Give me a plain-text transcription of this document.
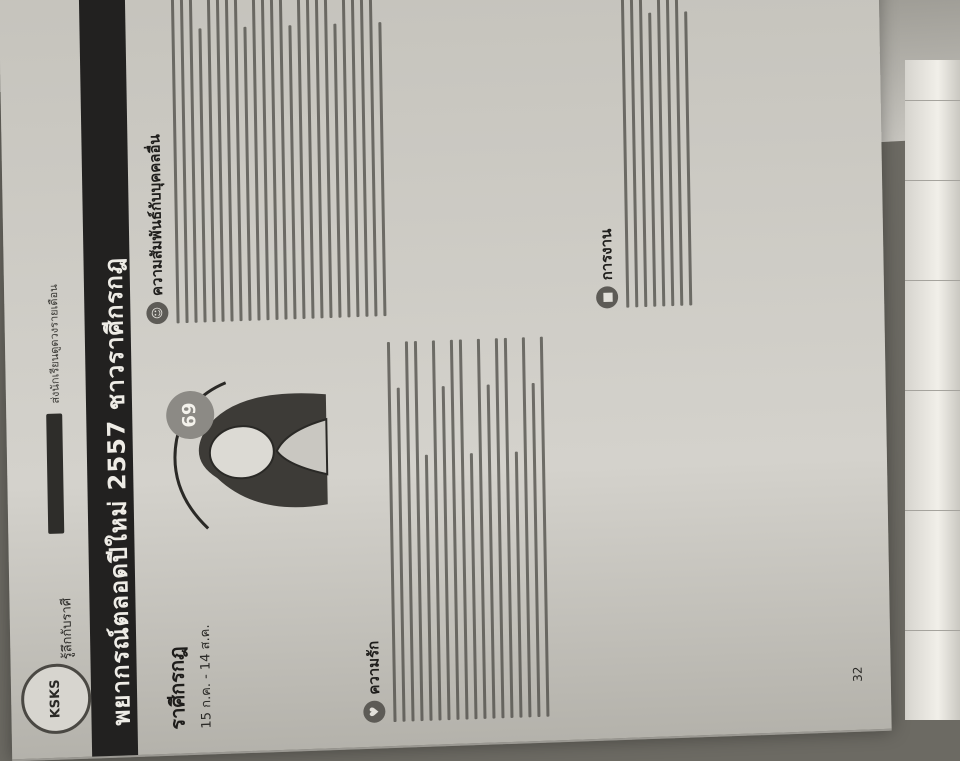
KSKS
รู้ลึกกับราศี
ส่งนักเรียนดูดวงรายเดือน พยากรณ์ตลอดปีใหม่ 2557 ชาวราศีกรกฎ ราศีกรกฎ 15 ก.ค. - 14 ส.ค.
69
♥
ความรัก	32
☺
ความสัมพันธ์กับบุคคลอื่น
■
การงาน
